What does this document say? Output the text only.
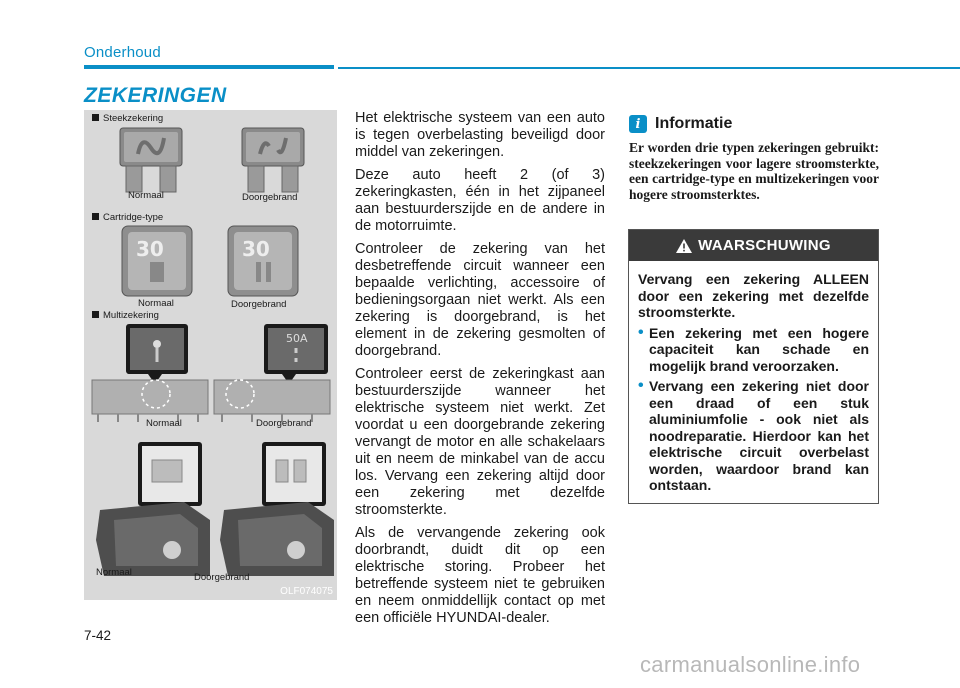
Onderhoud
ZEKERINGEN
Steekzekering
Normaal	Doorgebrand
Cartridge-type
30	30
Normaal	Doorgebrand
Multizekering
50A
Normaal	Doorgebrand
Normaal	Doorgebrand
OLF074075

Het elektrische systeem van een auto is tegen overbelasting beveiligd door middel van zekeringen.

Deze auto heeft 2 (of 3) zekeringkasten, één in het zijpaneel aan bestuurderszijde en de andere in de motorruimte.

Controleer de zekering van het desbetreffende circuit wanneer een bepaalde verlichting, accessoire of bedieningsorgaan niet werkt. Als een zekering is doorgebrand, is het element in de zekering gesmolten of doorgebrand.

Controleer eerst de zekeringkast aan bestuurderszijde wanneer het elektrische systeem niet werkt. Zet voordat u een doorgebrande zekering vervangt de motor en alle schakelaars uit en neem de minkabel van de accu los. Vervang een zekering altijd door een zekering met dezelfde stroomsterkte.

Als de vervangende zekering ook doorbrandt, duidt dit op een elektrische storing. Probeer het betreffende systeem niet te gebruiken en neem onmiddellijk contact op met een officiële HYUNDAI-dealer.

i Informatie
Er worden drie typen zekeringen gebruikt: steekzekeringen voor lagere stroomsterkte, een cartridge-type en multizekeringen voor hogere stroomsterktes.
WAARSCHUWING

Vervang een zekering ALLEEN door een zekering met dezelfde stroomsterkte.

• Een zekering met een hogere capaciteit kan schade en mogelijk brand veroorzaken.
• Vervang een zekering niet door een draad of een stuk aluminiumfolie - ook niet als noodreparatie. Hierdoor kan het elektrische circuit overbelast worden, waardoor brand kan ontstaan.
7-42
carmanualsonline.info
